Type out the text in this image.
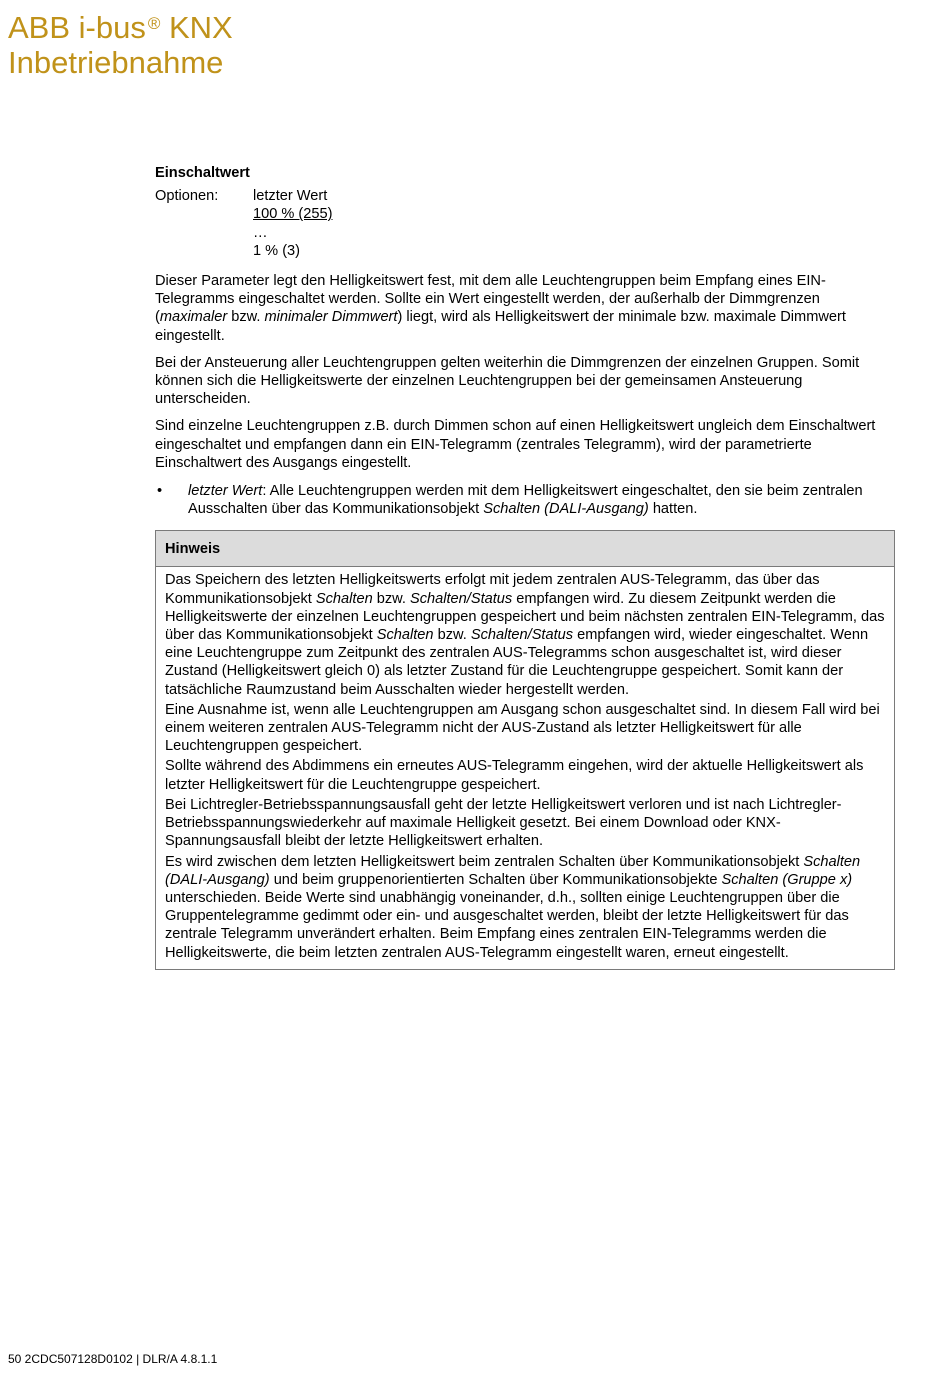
ABB i-bus ® KNX
Inbetriebnahme
Einschaltwert
Optionen:	letzter Wert
100 % (255)
…
1 % (3)

Dieser Parameter legt den Helligkeitswert fest, mit dem alle Leuchtengruppen beim Empfang eines EIN-Telegramms eingeschaltet werden. Sollte ein Wert eingestellt werden, der außerhalb der Dimmgrenzen (maximaler bzw. minimaler Dimmwert) liegt, wird als Helligkeitswert der minimale bzw. maximale Dimmwert eingestellt.

Bei der Ansteuerung aller Leuchtengruppen gelten weiterhin die Dimmgrenzen der einzelnen Gruppen. Somit können sich die Helligkeitswerte der einzelnen Leuchtengruppen bei der gemeinsamen Ansteuerung unterscheiden.

Sind einzelne Leuchtengruppen z.B. durch Dimmen schon auf einen Helligkeitswert ungleich dem Einschaltwert eingeschaltet und empfangen dann ein EIN-Telegramm (zentrales Telegramm), wird der parametrierte Einschaltwert des Ausgangs eingestellt.

•	letzter Wert: Alle Leuchtengruppen werden mit dem Helligkeitswert eingeschaltet, den sie beim zentralen Ausschalten über das Kommunikationsobjekt Schalten (DALI-Ausgang) hatten.
Hinweis

Das Speichern des letzten Helligkeitswerts erfolgt mit jedem zentralen AUS-Telegramm, das über das Kommunikationsobjekt Schalten bzw. Schalten/Status empfangen wird. Zu diesem Zeitpunkt werden die Helligkeitswerte der einzelnen Leuchtengruppen gespeichert und beim nächsten zentralen EIN-Telegramm, das über das Kommunikationsobjekt Schalten bzw. Schalten/Status empfangen wird, wieder eingeschaltet. Wenn eine Leuchtengruppe zum Zeitpunkt des zentralen AUS-Telegramms schon ausgeschaltet ist, wird dieser Zustand (Helligkeitswert gleich 0) als letzter Zustand für die Leuchtengruppe gespeichert. Somit kann der tatsächliche Raumzustand beim Ausschalten wieder hergestellt werden.

Eine Ausnahme ist, wenn alle Leuchtengruppen am Ausgang schon ausgeschaltet sind. In diesem Fall wird bei einem weiteren zentralen AUS-Telegramm nicht der AUS-Zustand als letzter Helligkeitswert für alle Leuchtengruppen gespeichert.

Sollte während des Abdimmens ein erneutes AUS-Telegramm eingehen, wird der aktuelle Helligkeitswert als letzter Helligkeitswert für die Leuchtengruppe gespeichert.

Bei Lichtregler-Betriebsspannungsausfall geht der letzte Helligkeitswert verloren und ist nach Lichtregler-Betriebsspannungswiederkehr auf maximale Helligkeit gesetzt. Bei einem Download oder KNX-Spannungsausfall bleibt der letzte Helligkeitswert erhalten.

Es wird zwischen dem letzten Helligkeitswert beim zentralen Schalten über Kommunikationsobjekt Schalten (DALI-Ausgang) und beim gruppenorientierten Schalten über Kommunikationsobjekte Schalten (Gruppe x) unterschieden. Beide Werte sind unabhängig voneinander, d.h., sollten einige Leuchtengruppen über die Gruppentelegramme gedimmt oder ein- und ausgeschaltet werden, bleibt der letzte Helligkeitswert für das zentrale Telegramm unverändert erhalten. Beim Empfang eines zentralen EIN-Telegramms werden die Helligkeitswerte, die beim letzten zentralen AUS-Telegramm eingestellt waren, erneut eingestellt.

50 2CDC507128D0102 | DLR/A 4.8.1.1
